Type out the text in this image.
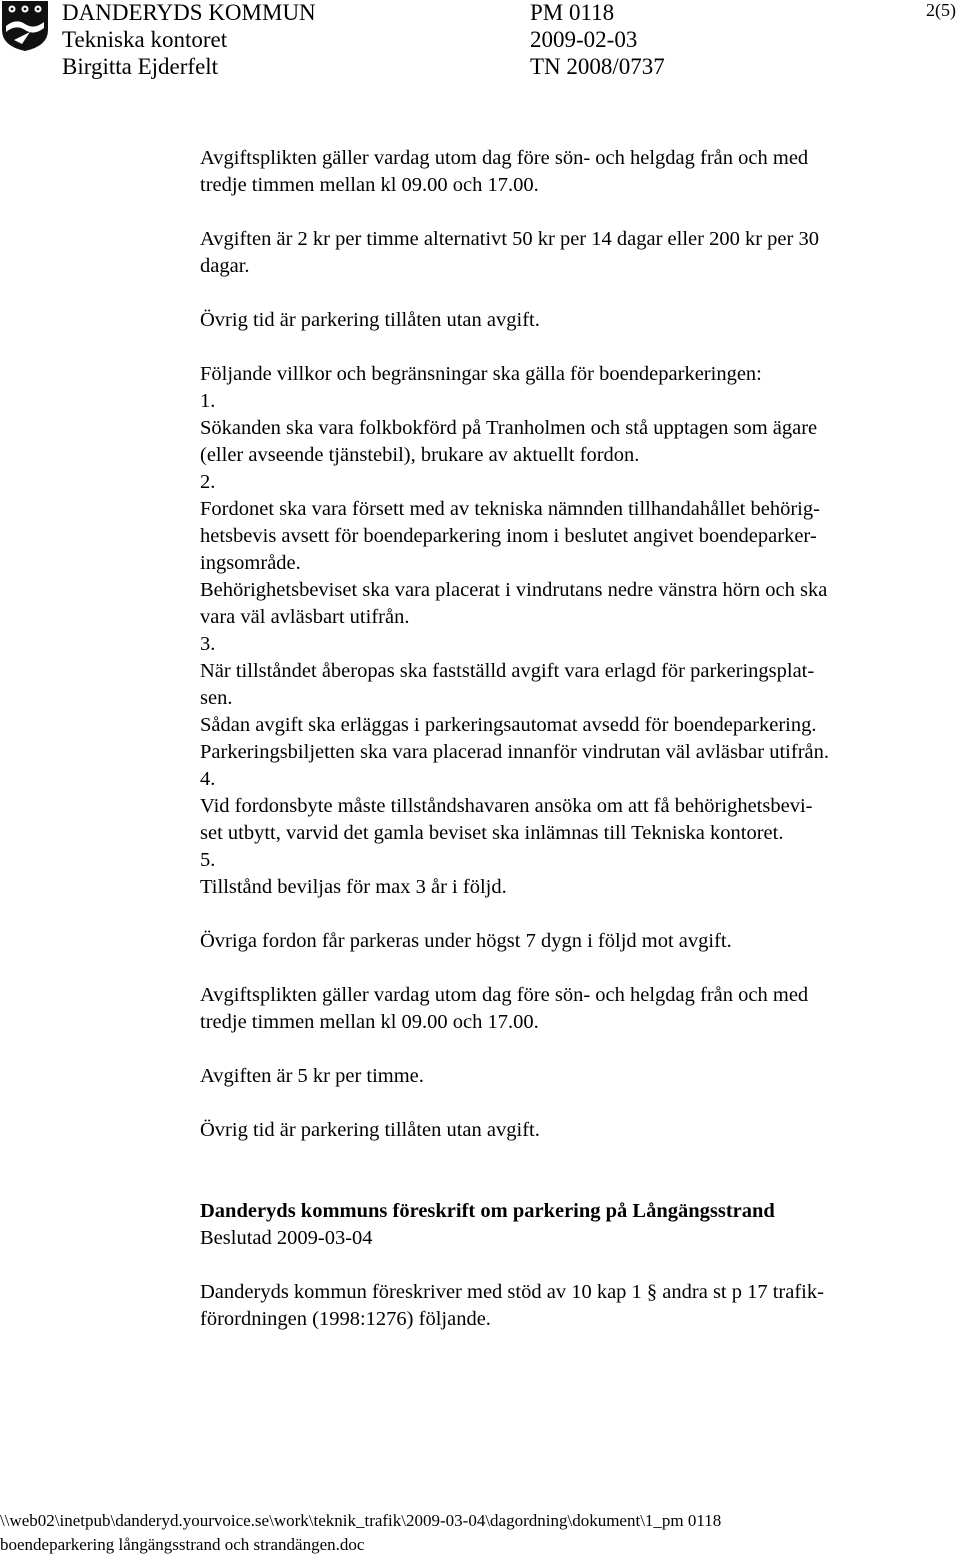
DANDERYDS KOMMUN
Tekniska kontoret
Birgitta Ejderfelt
PM 0118
2009-02-03
TN 2008/0737
2(5)

Avgiftsplikten gäller vardag utom dag före sön- och helgdag från och med

tredje timmen mellan kl 09.00 och 17.00.

Avgiften är 2 kr per timme alternativt 50 kr per 14 dagar eller 200 kr per 30

dagar.

Övrig tid är parkering tillåten utan avgift.

Följande villkor och begränsningar ska gälla för boendeparkeringen:

1.

Sökanden ska vara folkbokförd på Tranholmen och stå upptagen som ägare

(eller avseende tjänstebil), brukare av aktuellt fordon.

2.

Fordonet ska vara försett med av tekniska nämnden tillhandahållet behörig-

hetsbevis avsett för boendeparkering inom i beslutet angivet boendeparker-

ingsområde.

Behörighetsbeviset ska vara placerat i vindrutans nedre vänstra hörn och ska

vara väl avläsbart utifrån.

3.

När tillståndet åberopas ska fastställd avgift vara erlagd för parkeringsplat-

sen.

Sådan avgift ska erläggas i parkeringsautomat avsedd för boendeparkering.

Parkeringsbiljetten ska vara placerad innanför vindrutan väl avläsbar utifrån.

4.

Vid fordonsbyte måste tillståndshavaren ansöka om att få behörighetsbevi-

set utbytt, varvid det gamla beviset ska inlämnas till Tekniska kontoret.

5.

Tillstånd beviljas för max 3 år i följd.

Övriga fordon får parkeras under högst 7 dygn i följd mot avgift.

Avgiftsplikten gäller vardag utom dag före sön- och helgdag från och med

tredje timmen mellan kl 09.00 och 17.00.

Avgiften är 5 kr per timme.

Övrig tid är parkering tillåten utan avgift.

Danderyds kommuns föreskrift om parkering på Långängsstrand

Beslutad 2009-03-04

Danderyds kommun föreskriver med stöd av 10 kap 1 § andra st p 17 trafik-

förordningen (1998:1276) följande.

\\web02\inetpub\danderyd.yourvoice.se\work\teknik_trafik\2009-03-04\dagordning\dokument\1_pm 0118
boendeparkering långängsstrand och strandängen.doc
